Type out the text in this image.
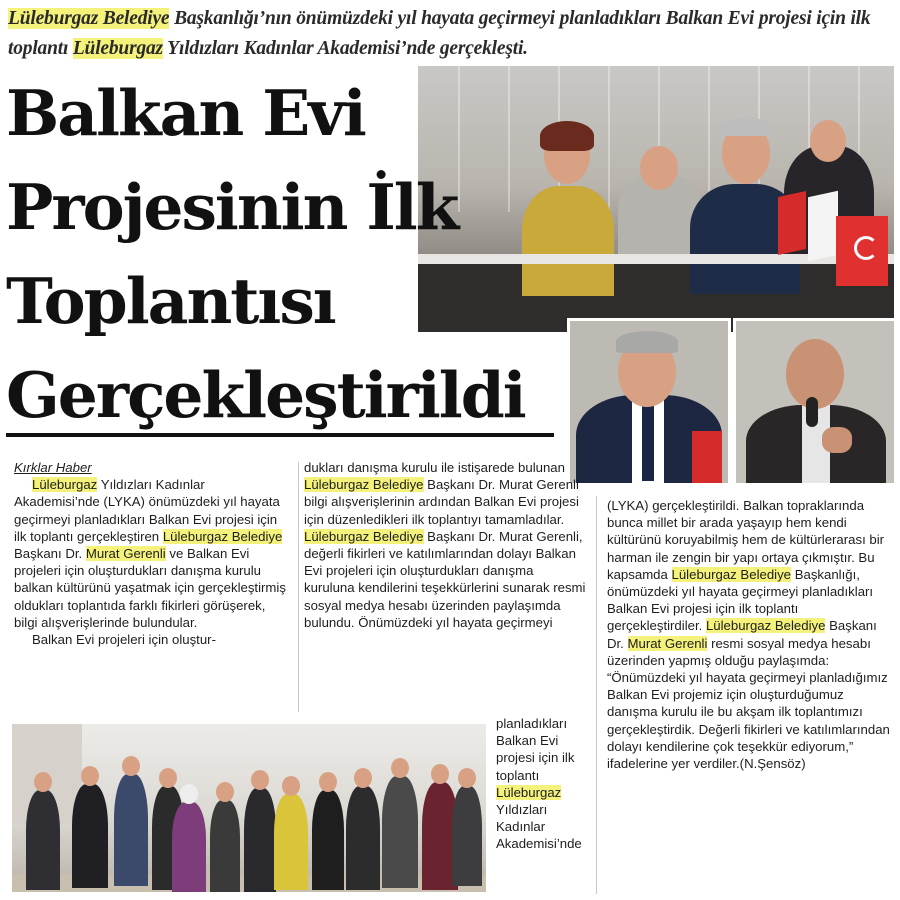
Lüleburgaz Belediye Başkanlığı’nın önümüzdeki yıl hayata geçirmeyi planladıkları Balkan Evi projesi için ilk toplantı Lüleburgaz Yıldızları Kadınlar Akademisi’nde gerçekleşti.
Balkan Evi
Projesinin İlk
Toplantısı
Gerçekleştirildi

Kırklar Haber

Lüleburgaz Yıldızları Kadınlar Akademisi’nde (LYKA) önümüzdeki yıl hayata geçirmeyi planladıkları Balkan Evi projesi için ilk toplantı gerçekleştiren Lüleburgaz Belediye Başkanı Dr. Murat Gerenli ve Balkan Evi projeleri için oluşturdukları danışma kurulu balkan kültürünü yaşatmak için gerçekleştirmiş oldukları toplantıda farklı fikirleri görüşerek, bilgi alışverişlerinde bulundular.

Balkan Evi projeleri için oluştur-

dukları danışma kurulu ile istişarede bulunan Lüleburgaz Belediye Başkanı Dr. Murat Gerenli bilgi alışverişlerinin ardından Balkan Evi projesi için düzenledikleri ilk toplantıyı tamamladılar. Lüleburgaz Belediye Başkanı Dr. Murat Gerenli, değerli fikirleri ve katılımlarından dolayı Balkan Evi projeleri için oluşturdukları danışma kuruluna kendilerini teşekkürlerini sunarak resmi sosyal medya hesabı üzerinden paylaşımda bulundu. Önümüzdeki yıl hayata geçirmeyi

planladıkları Balkan Evi projesi için ilk toplantı Lüleburgaz Yıldızları Kadınlar Akademisi’nde

(LYKA) gerçekleştirildi. Balkan topraklarında bunca millet bir arada yaşayıp hem kendi kültürünü koruyabilmiş hem de kültürlerarası bir harman ile zengin bir yapı ortaya çıkmıştır. Bu kapsamda Lüleburgaz Belediye Başkanlığı, önümüzdeki yıl hayata geçirmeyi planladıkları Balkan Evi projesi için ilk toplantı gerçekleştirdiler. Lüleburgaz Belediye Başkanı Dr. Murat Gerenli resmi sosyal medya hesabı üzerinden yapmış olduğu paylaşımda: “Önümüzdeki yıl hayata geçirmeyi planladığımız Balkan Evi projemiz için oluşturduğumuz danışma kurulu ile bu akşam ilk toplantımızı gerçekleştirdik. Değerli fikirleri ve katılımlarından dolayı kendilerine çok teşekkür ediyorum,” ifadelerine yer verdiler.(N.Şensöz)
